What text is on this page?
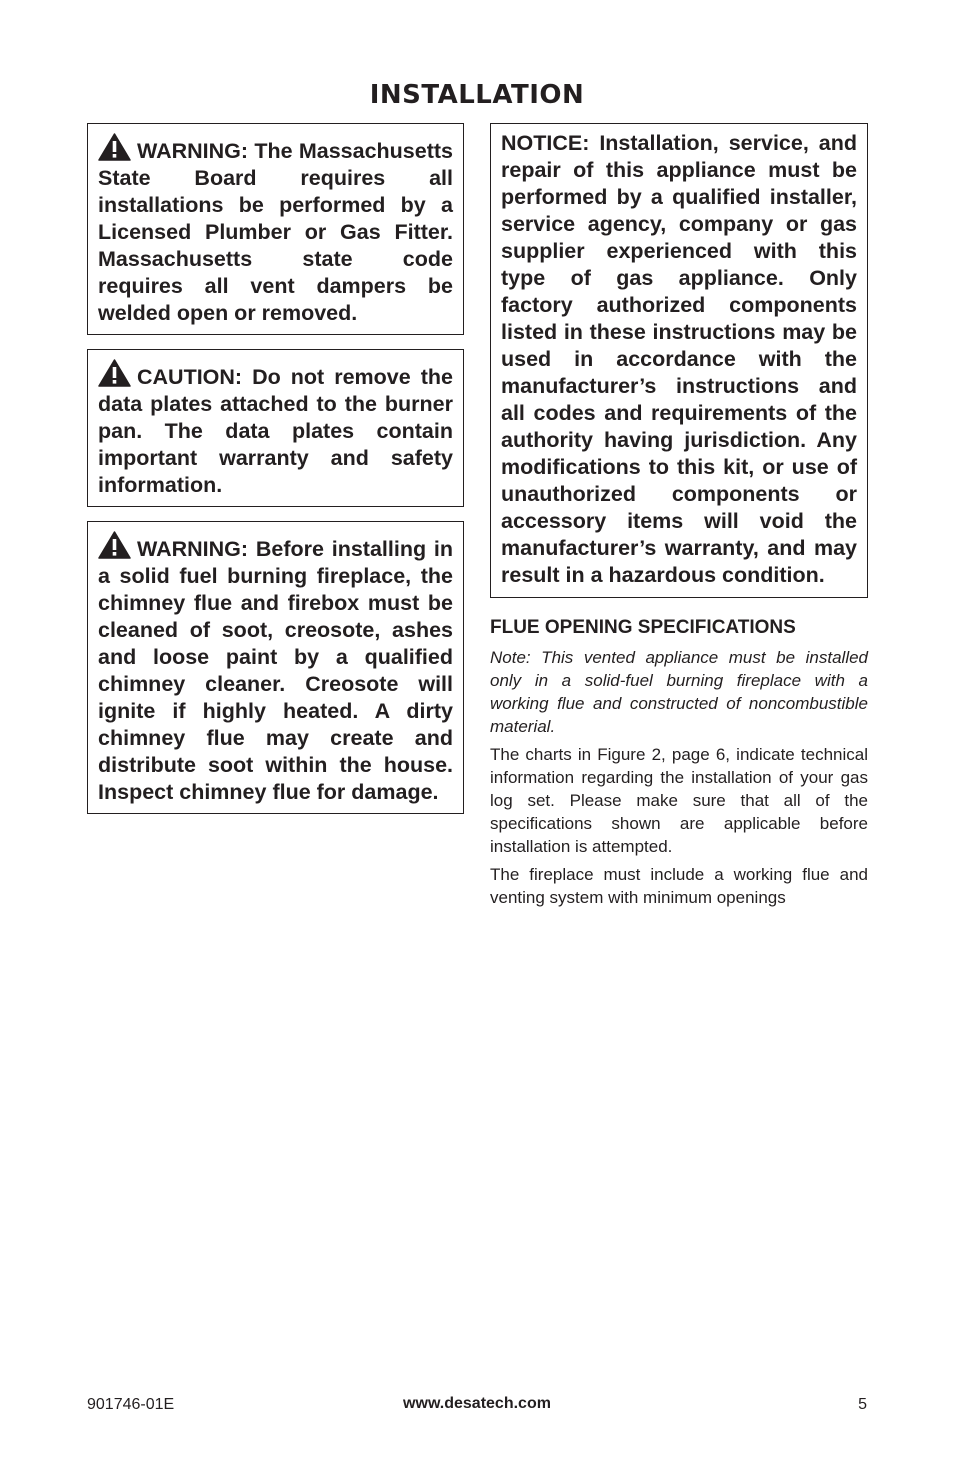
INSTALLATION
WARNING: The Massachusetts State Board requires all installations be performed by a Licensed Plumber or Gas Fitter. Massachusetts state code requires all vent dampers be welded open or removed.
CAUTION: Do not remove the data plates attached to the burner pan. The data plates contain important warranty and safety information.
WARNING: Before installing in a solid fuel burning fireplace, the chimney flue and firebox must be cleaned of soot, creosote, ashes and loose paint by a qualified chimney cleaner. Creosote will ignite if highly heated. A dirty chimney flue may create and distribute soot within the house. Inspect chimney flue for damage.
NOTICE: Installation, service, and repair of this appliance must be performed by a qualified installer, service agency, company or gas supplier experienced with this type of gas appliance. Only factory authorized components listed in these instructions may be used in accordance with the manufacturer’s instructions and all codes and requirements of the authority having jurisdiction. Any modifications to this kit, or use of unauthorized components or accessory items will void the manufacturer’s warranty, and may result in a hazardous condition.
FLUE OPENING SPECIFICATIONS
Note: This vented appliance must be installed only in a solid-fuel burning fireplace with a working flue and constructed of noncombustible material.
The charts in Figure 2, page 6, indicate technical information regarding the installation of your gas log set. Please make sure that all of the specifications shown are applicable before installation is attempted.
The fireplace must include a working flue and venting system with minimum openings
901746-01E	www.desatech.com	5
